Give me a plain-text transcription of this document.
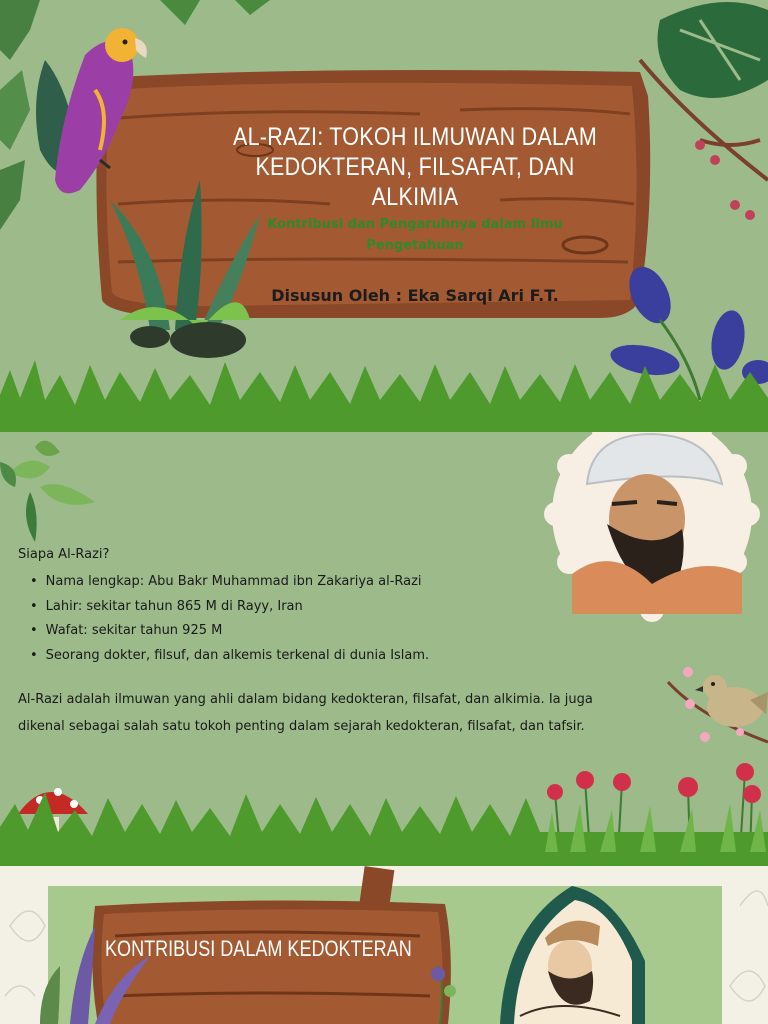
AL-RAZI: TOKOH ILMUWAN DALAM KEDOKTERAN, FILSAFAT, DAN ALKIMIA
Kontribusi dan Pengaruhnya dalam Ilmu Pengetahuan
Disusun Oleh : Eka Sarqi Ari F.T.
Siapa Al-Razi?
• Nama lengkap: Abu Bakr Muhammad ibn Zakariya al-Razi
• Lahir: sekitar tahun 865 M di Rayy, Iran
• Wafat: sekitar tahun 925 M
• Seorang dokter, filsuf, dan alkemis terkenal di dunia Islam.

Al-Razi adalah ilmuwan yang ahli dalam bidang kedokteran, filsafat, dan alkimia. Ia juga dikenal sebagai salah satu tokoh penting dalam sejarah kedokteran, filsafat, dan tafsir.

KONTRIBUSI DALAM KEDOKTERAN
